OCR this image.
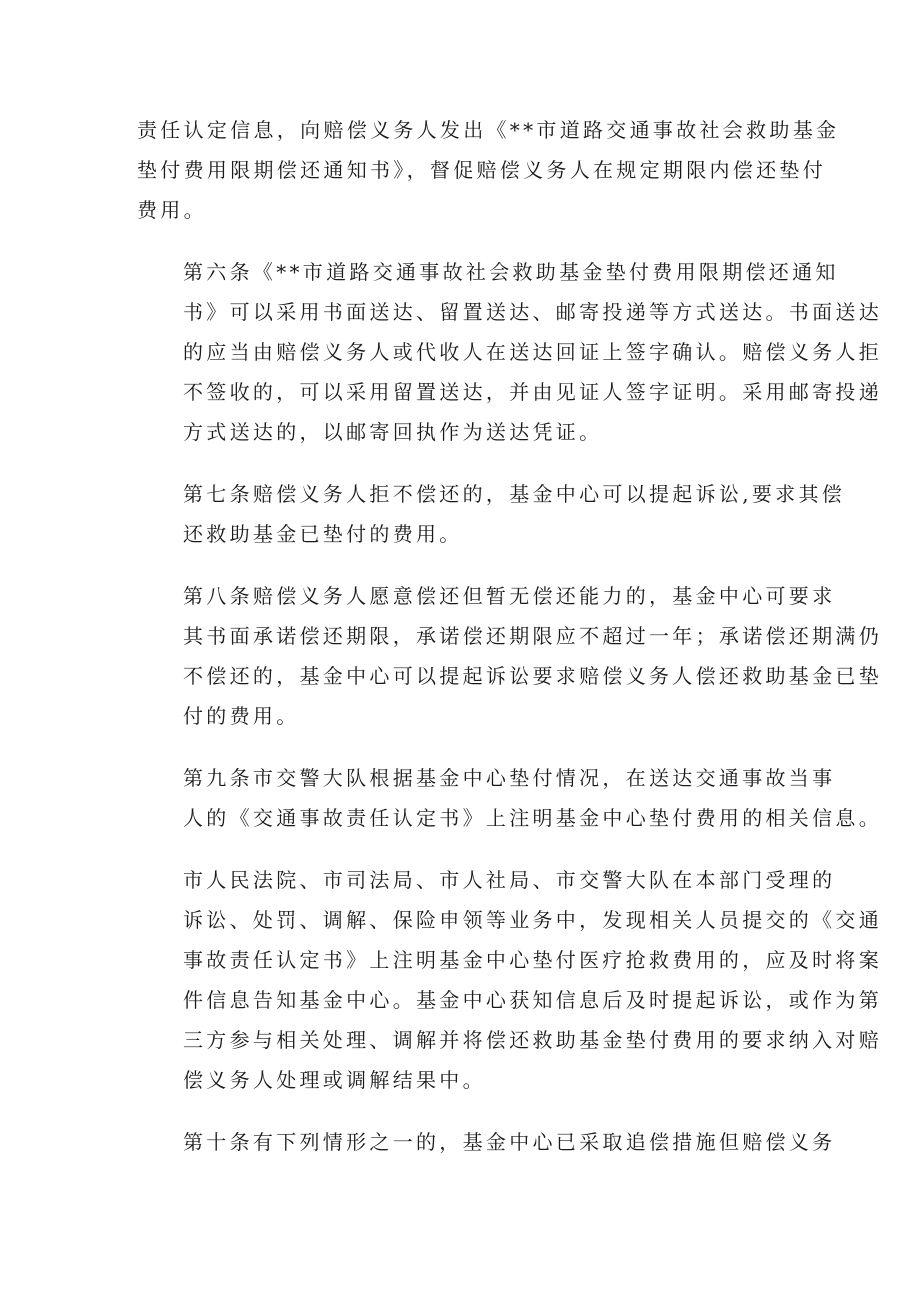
责任认定信息，向赔偿义务人发出《**市道路交通事故社会救助基金
垫付费用限期偿还通知书》，督促赔偿义务人在规定期限内偿还垫付
费用。

第六条《**市道路交通事故社会救助基金垫付费用限期偿还通知
书》可以采用书面送达、留置送达、邮寄投递等方式送达。书面送达
的应当由赔偿义务人或代收人在送达回证上签字确认。赔偿义务人拒
不签收的，可以采用留置送达，并由见证人签字证明。采用邮寄投递
方式送达的，以邮寄回执作为送达凭证。

第七条赔偿义务人拒不偿还的，基金中心可以提起诉讼,要求其偿
还救助基金已垫付的费用。

第八条赔偿义务人愿意偿还但暂无偿还能力的，基金中心可要求
其书面承诺偿还期限，承诺偿还期限应不超过一年；承诺偿还期满仍
不偿还的，基金中心可以提起诉讼要求赔偿义务人偿还救助基金已垫
付的费用。

第九条市交警大队根据基金中心垫付情况，在送达交通事故当事
人的《交通事故责任认定书》上注明基金中心垫付费用的相关信息。

市人民法院、市司法局、市人社局、市交警大队在本部门受理的
诉讼、处罚、调解、保险申领等业务中，发现相关人员提交的《交通
事故责任认定书》上注明基金中心垫付医疗抢救费用的，应及时将案
件信息告知基金中心。基金中心获知信息后及时提起诉讼，或作为第
三方参与相关处理、调解并将偿还救助基金垫付费用的要求纳入对赔
偿义务人处理或调解结果中。

第十条有下列情形之一的，基金中心已采取追偿措施但赔偿义务
